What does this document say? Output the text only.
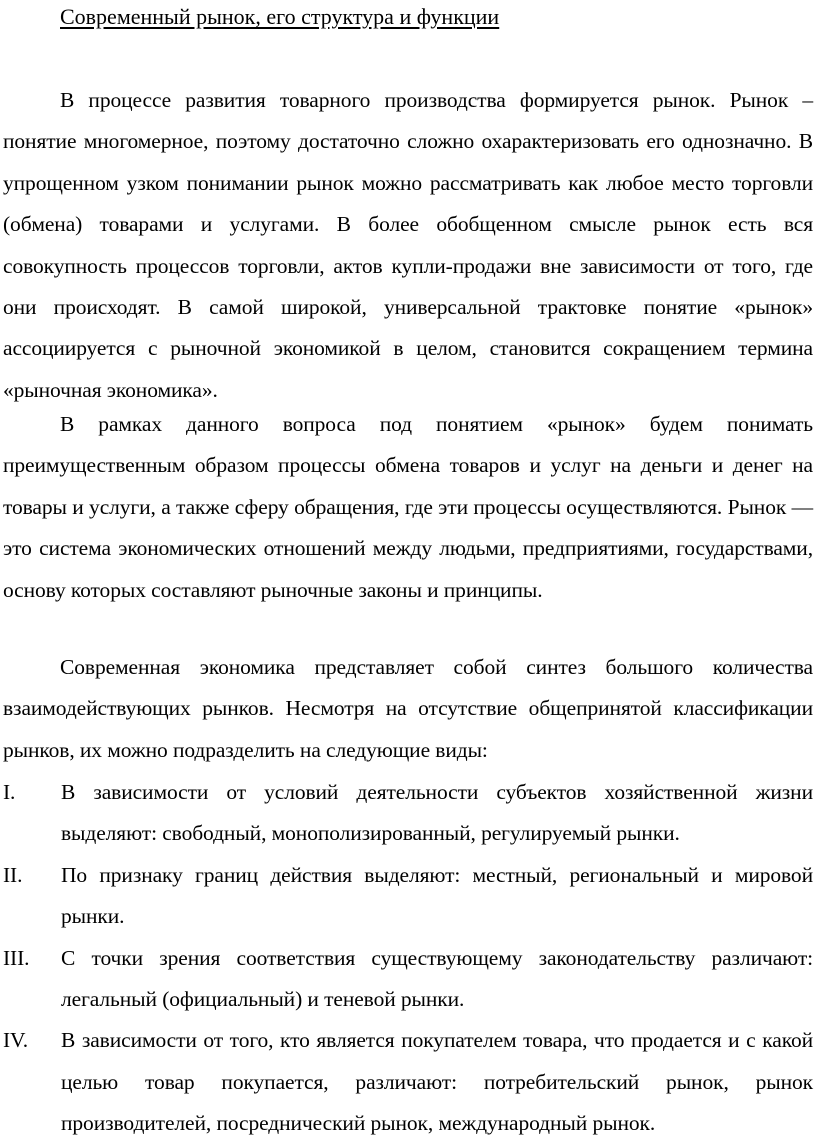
Современный рынок, его структура и функции

В процессе развития товарного производства формируется рынок. Рынок – понятие многомерное, поэтому достаточно сложно охарактеризовать его однозначно. В упрощенном узком понимании рынок можно рассматривать как любое место торговли (обмена) товарами и услугами. В более обобщенном смысле рынок есть вся совокупность процессов торговли, актов купли-продажи вне зависимости от того, где они происходят. В самой широкой, универсальной трактовке понятие «рынок» ассоциируется с рыночной экономикой в целом, становится сокращением термина «рыночная экономика».

В рамках данного вопроса под понятием «рынок» будем понимать преимущественным образом процессы обмена товаров и услуг на деньги и денег на товары и услуги, а также сферу обращения, где эти процессы осуществляются. Рынок — это система экономических отношений между людьми, предприятиями, государствами, основу которых составляют рыночные законы и принципы.

Современная экономика представляет собой синтез большого количества взаимодействующих рынков. Несмотря на отсутствие общепринятой классификации рынков, их можно подразделить на следующие виды:

I. В зависимости от условий деятельности субъектов хозяйственной жизни выделяют: свободный, монополизированный, регулируемый рынки.
II. По признаку границ действия выделяют: местный, региональный и мировой рынки.
III. С точки зрения соответствия существующему законодательству различают: легальный (официальный) и теневой рынки.
IV. В зависимости от того, кто является покупателем товара, что продается и с какой целью товар покупается, различают: потребительский рынок, рынок производителей, посреднический рынок, международный рынок.
